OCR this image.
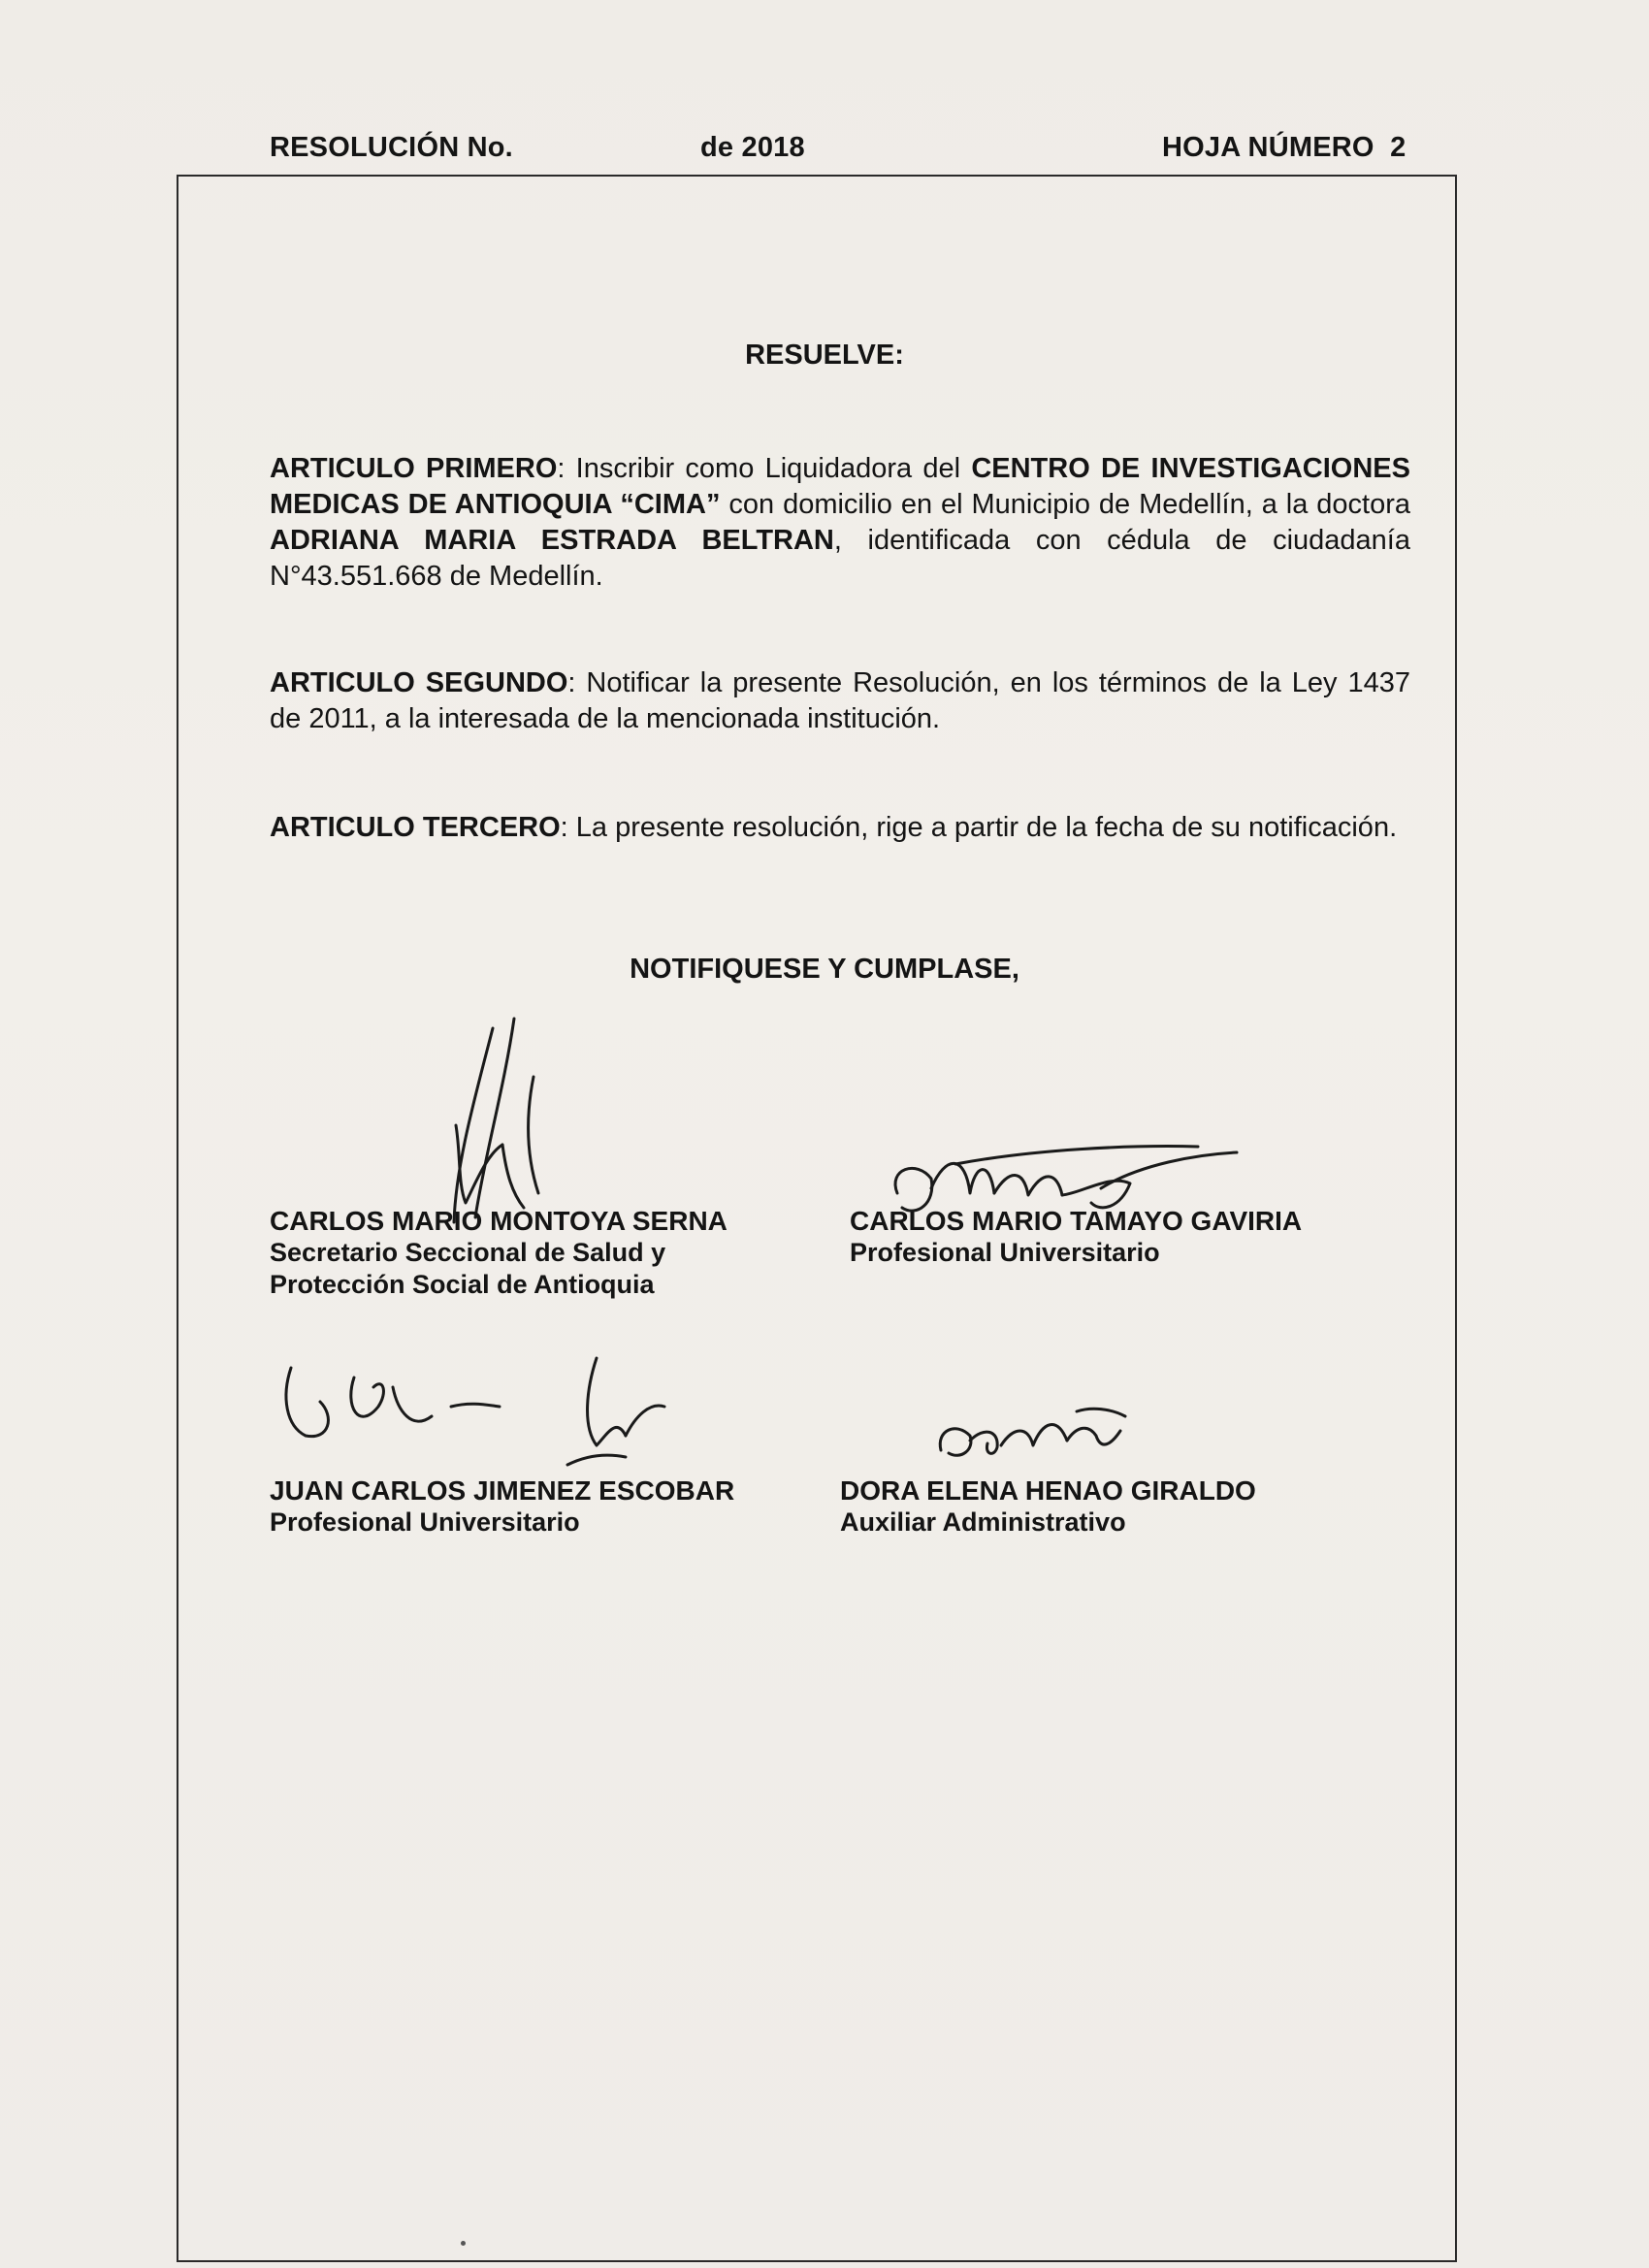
RESOLUCIÓN No.	de 2018	HOJA NÚMERO 2
RESUELVE:
ARTICULO PRIMERO: Inscribir como Liquidadora del CENTRO DE INVESTIGACIONES MEDICAS DE ANTIOQUIA “CIMA” con domicilio en el Municipio de Medellín, a la doctora ADRIANA MARIA ESTRADA BELTRAN, identificada con cédula de ciudadanía N°43.551.668 de Medellín.
ARTICULO SEGUNDO: Notificar la presente Resolución, en los términos de la Ley 1437 de 2011, a la interesada de la mencionada institución.
ARTICULO TERCERO: La presente resolución, rige a partir de la fecha de su notificación.
NOTIFIQUESE Y CUMPLASE,
CARLOS MARIO MONTOYA SERNA
Secretario Seccional de Salud y
Protección Social de Antioquia
CARLOS MARIO TAMAYO GAVIRIA
Profesional Universitario
JUAN CARLOS JIMENEZ ESCOBAR
Profesional Universitario
DORA ELENA HENAO GIRALDO
Auxiliar Administrativo
